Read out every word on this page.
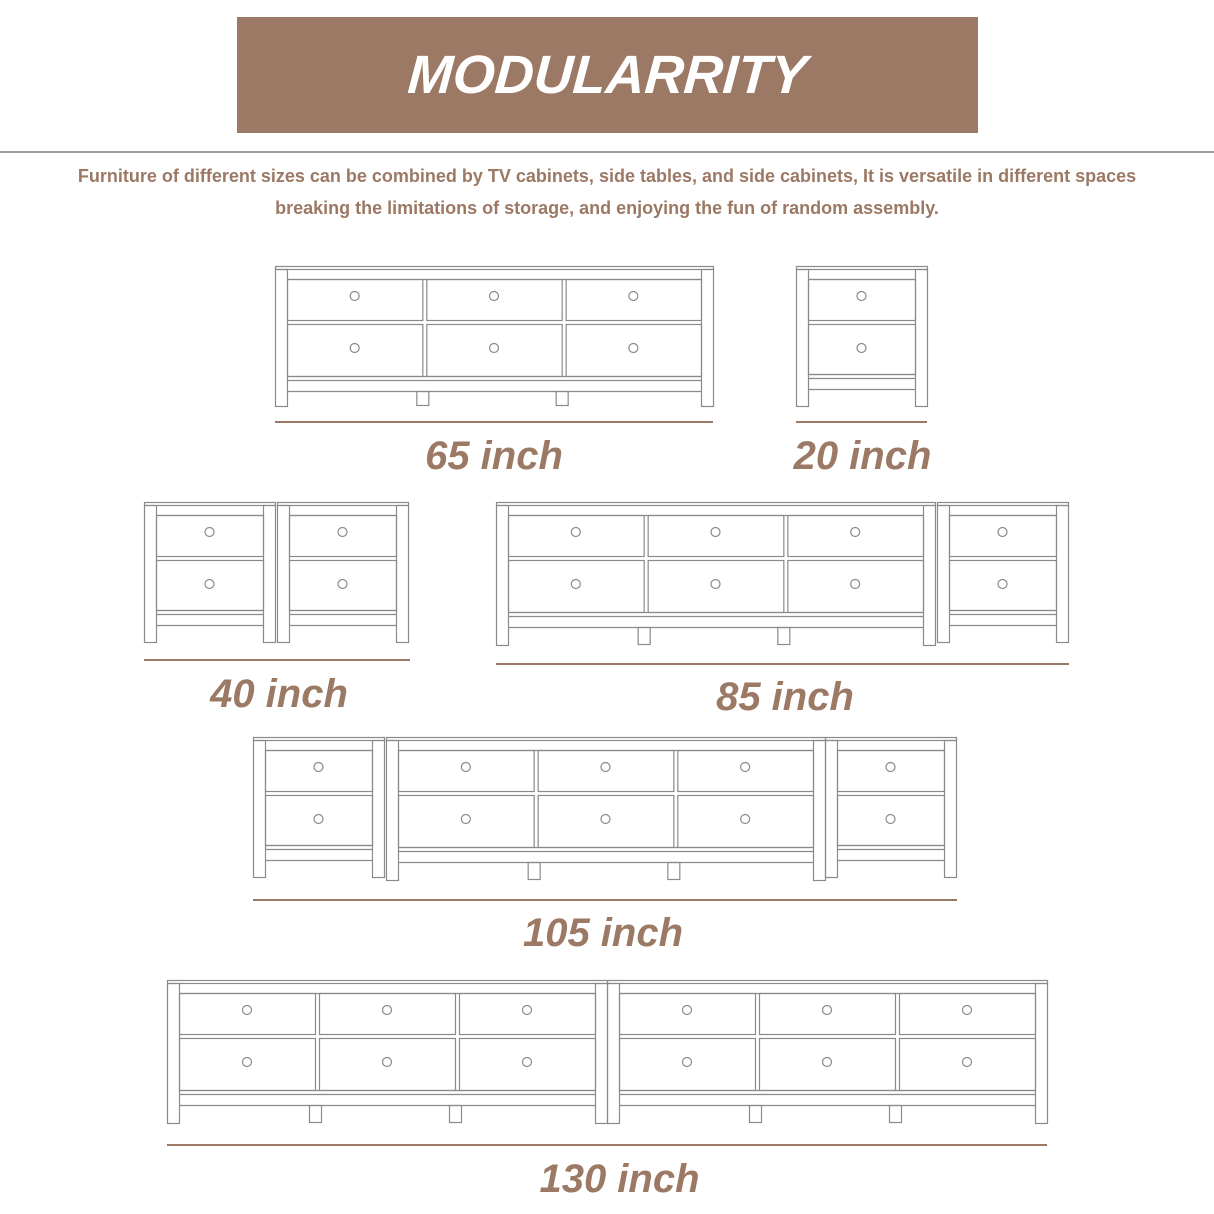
MODULARRITY
Furniture of different sizes can be combined by TV cabinets, side tables, and side cabinets, It is versatile in different spaces
breaking the limitations of storage, and enjoying the fun of random assembly.
65 inch	20 inch
40 inch	85 inch
105 inch
130 inch
